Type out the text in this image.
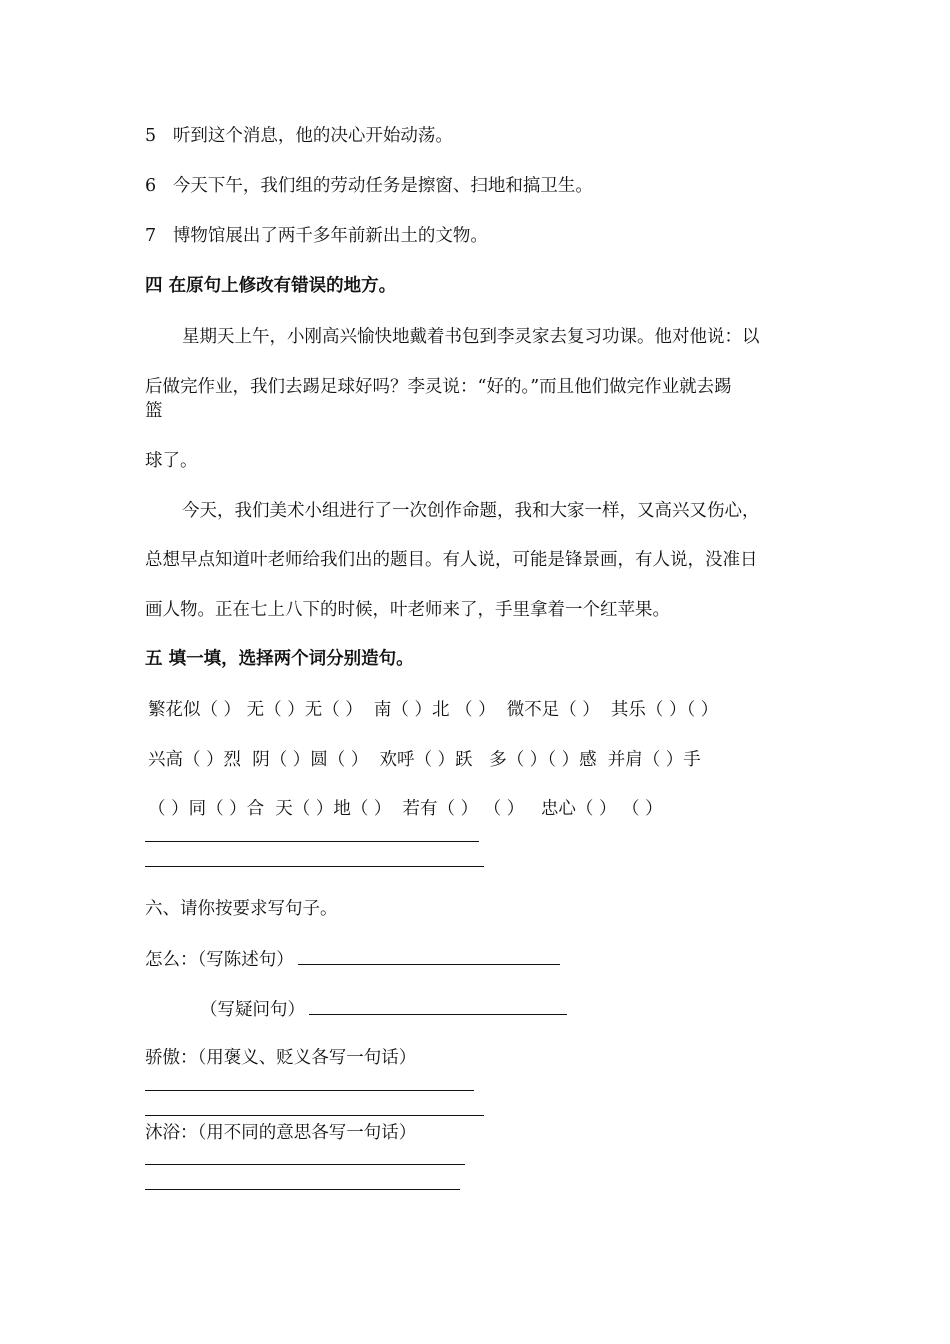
5 听到这个消息，他的决心开始动荡。
6 今天下午，我们组的劳动任务是擦窗、扫地和搞卫生。
7 博物馆展出了两千多年前新出土的文物。
四 在原句上修改有错误的地方。
星期天上午，小刚高兴愉快地戴着书包到李灵家去复习功课。他对他说：以
后做完作业，我们去踢足球好吗？李灵说：“好的。”而且他们做完作业就去踢
篮
球了。
今天，我们美术小组进行了一次创作命题，我和大家一样，又高兴又伤心，
总想早点知道叶老师给我们出的题目。有人说，可能是锋景画，有人说，没准日
画人物。正在七上八下的时候，叶老师来了，手里拿着一个红苹果。
五 填一填，选择两个词分别造句。
繁花似（ ） 无（ ）无（ ）  南（ ）北 （ ）  微不足（ ）  其乐（ ）（ ）
兴高（ ）烈  阴（ ）圆（ ）  欢呼（ ）跃   多（ ）（ ）感  并肩（ ）手
（ ）同（ ）合  天（ ）地（ ）  若有（ ） （ ）   忠心（ ） （ ）
六、请你按要求写句子。
怎么：（写陈述句）
（写疑问句）
骄傲：（用褒义、贬义各写一句话）
沐浴：（用不同的意思各写一句话）
